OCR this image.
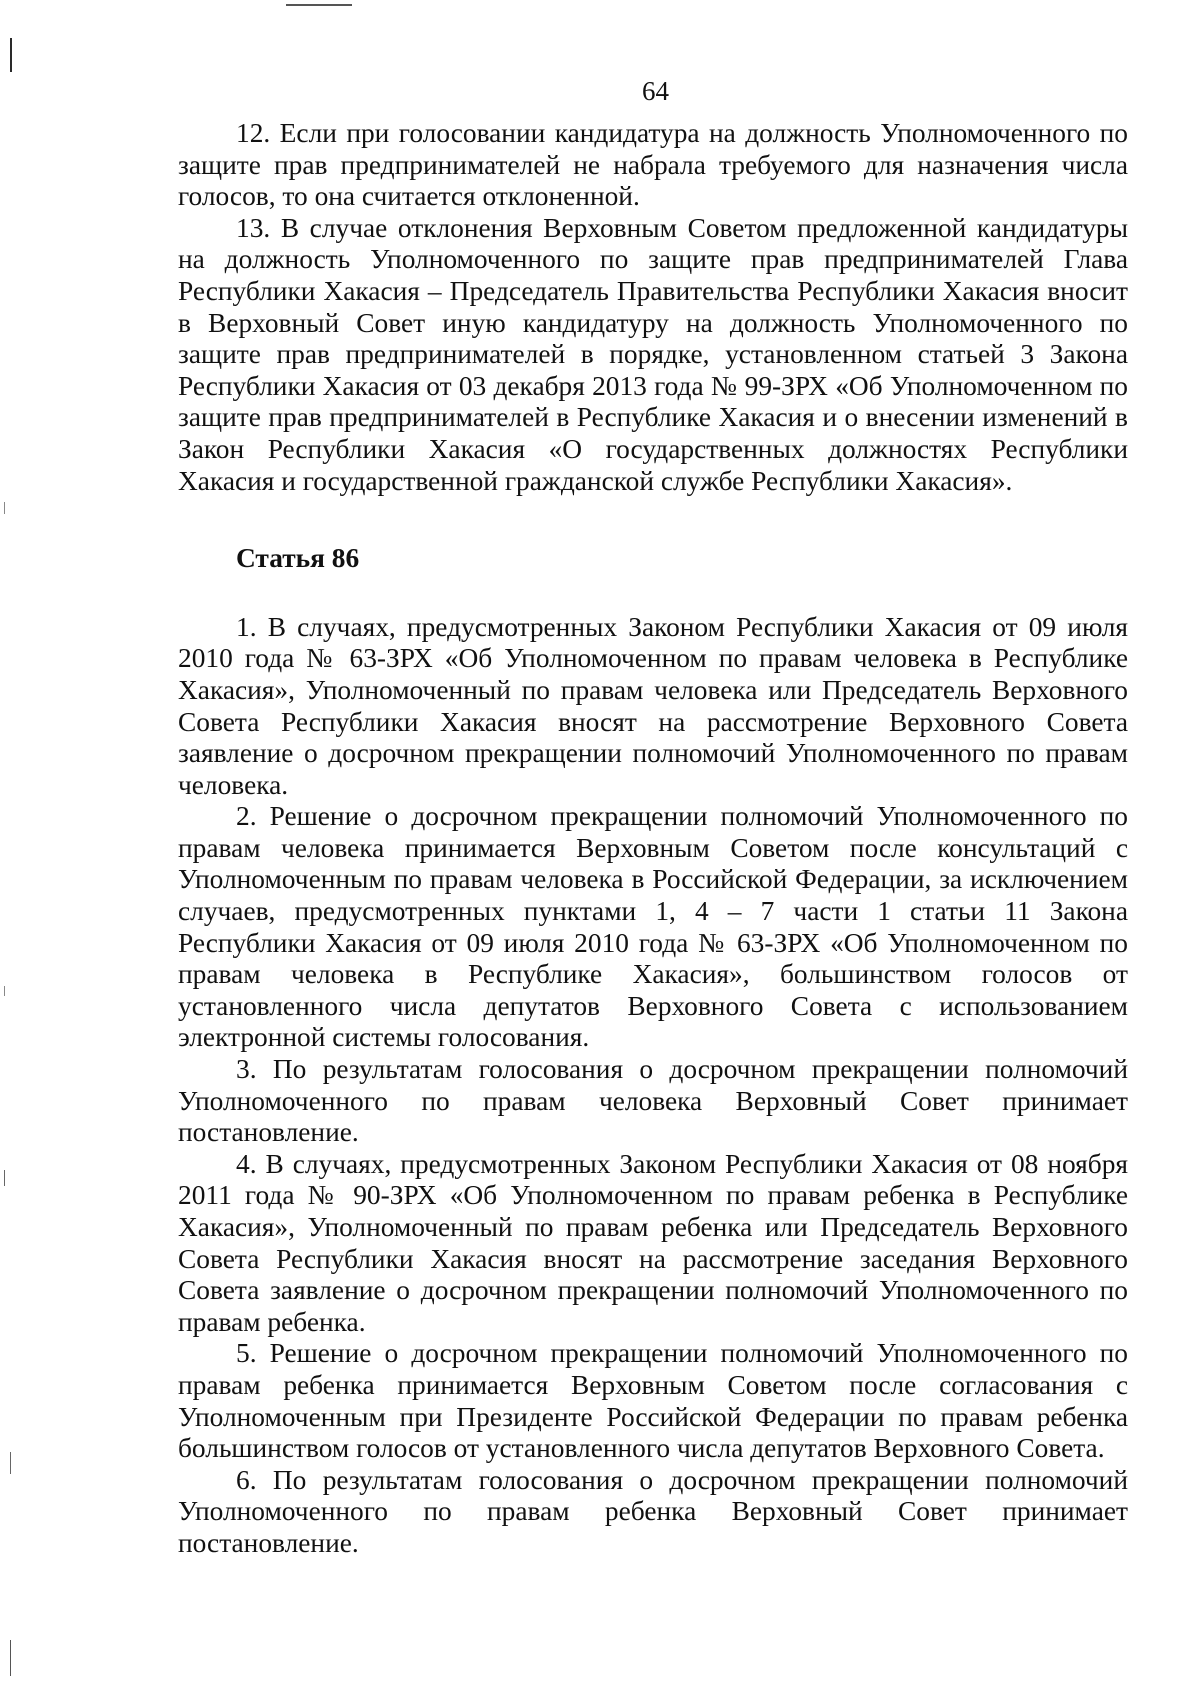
64

12. Если при голосовании кандидатура на должность Уполномоченного по защите прав предпринимателей не набрала требуемого для назначения числа голосов, то она считается отклоненной.

13. В случае отклонения Верховным Советом предложенной кандидатуры на должность Уполномоченного по защите прав предпринимателей Глава Республики Хакасия – Председатель Правительства Республики Хакасия вносит в Верховный Совет иную кандидатуру на должность Уполномоченного по защите прав предпринимателей в порядке, установленном статьей 3 Закона Республики Хакасия от 03 декабря 2013 года № 99-ЗРХ «Об Уполномоченном по защите прав предпринимателей в Республике Хакасия и о внесении изменений в Закон Республики Хакасия «О государственных должностях Республики Хакасия и государственной гражданской службе Республики Хакасия».

Статья 86

1. В случаях, предусмотренных Законом Республики Хакасия от 09 июля 2010 года № 63-ЗРХ «Об Уполномоченном по правам человека в Республике Хакасия», Уполномоченный по правам человека или Председатель Верховного Совета Республики Хакасия вносят на рассмотрение Верховного Совета заявление о досрочном прекращении полномочий Уполномоченного по правам человека.

2. Решение о досрочном прекращении полномочий Уполномоченного по правам человека принимается Верховным Советом после консультаций с Уполномоченным по правам человека в Российской Федерации, за исключением случаев, предусмотренных пунктами 1, 4 – 7 части 1 статьи 11 Закона Республики Хакасия от 09 июля 2010 года № 63-ЗРХ «Об Уполномоченном по правам человека в Республике Хакасия», большинством голосов от установленного числа депутатов Верховного Совета с использованием электронной системы голосования.

3. По результатам голосования о досрочном прекращении полномочий Уполномоченного по правам человека Верховный Совет принимает постановление.

4. В случаях, предусмотренных Законом Республики Хакасия от 08 ноября 2011 года № 90-ЗРХ «Об Уполномоченном по правам ребенка в Республике Хакасия», Уполномоченный по правам ребенка или Председатель Верховного Совета Республики Хакасия вносят на рассмотрение заседания Верховного Совета заявление о досрочном прекращении полномочий Уполномоченного по правам ребенка.

5. Решение о досрочном прекращении полномочий Уполномоченного по правам ребенка принимается Верховным Советом после согласования с Уполномоченным при Президенте Российской Федерации по правам ребенка большинством голосов от установленного числа депутатов Верховного Совета.

6. По результатам голосования о досрочном прекращении полномочий Уполномоченного по правам ребенка Верховный Совет принимает постановление.
